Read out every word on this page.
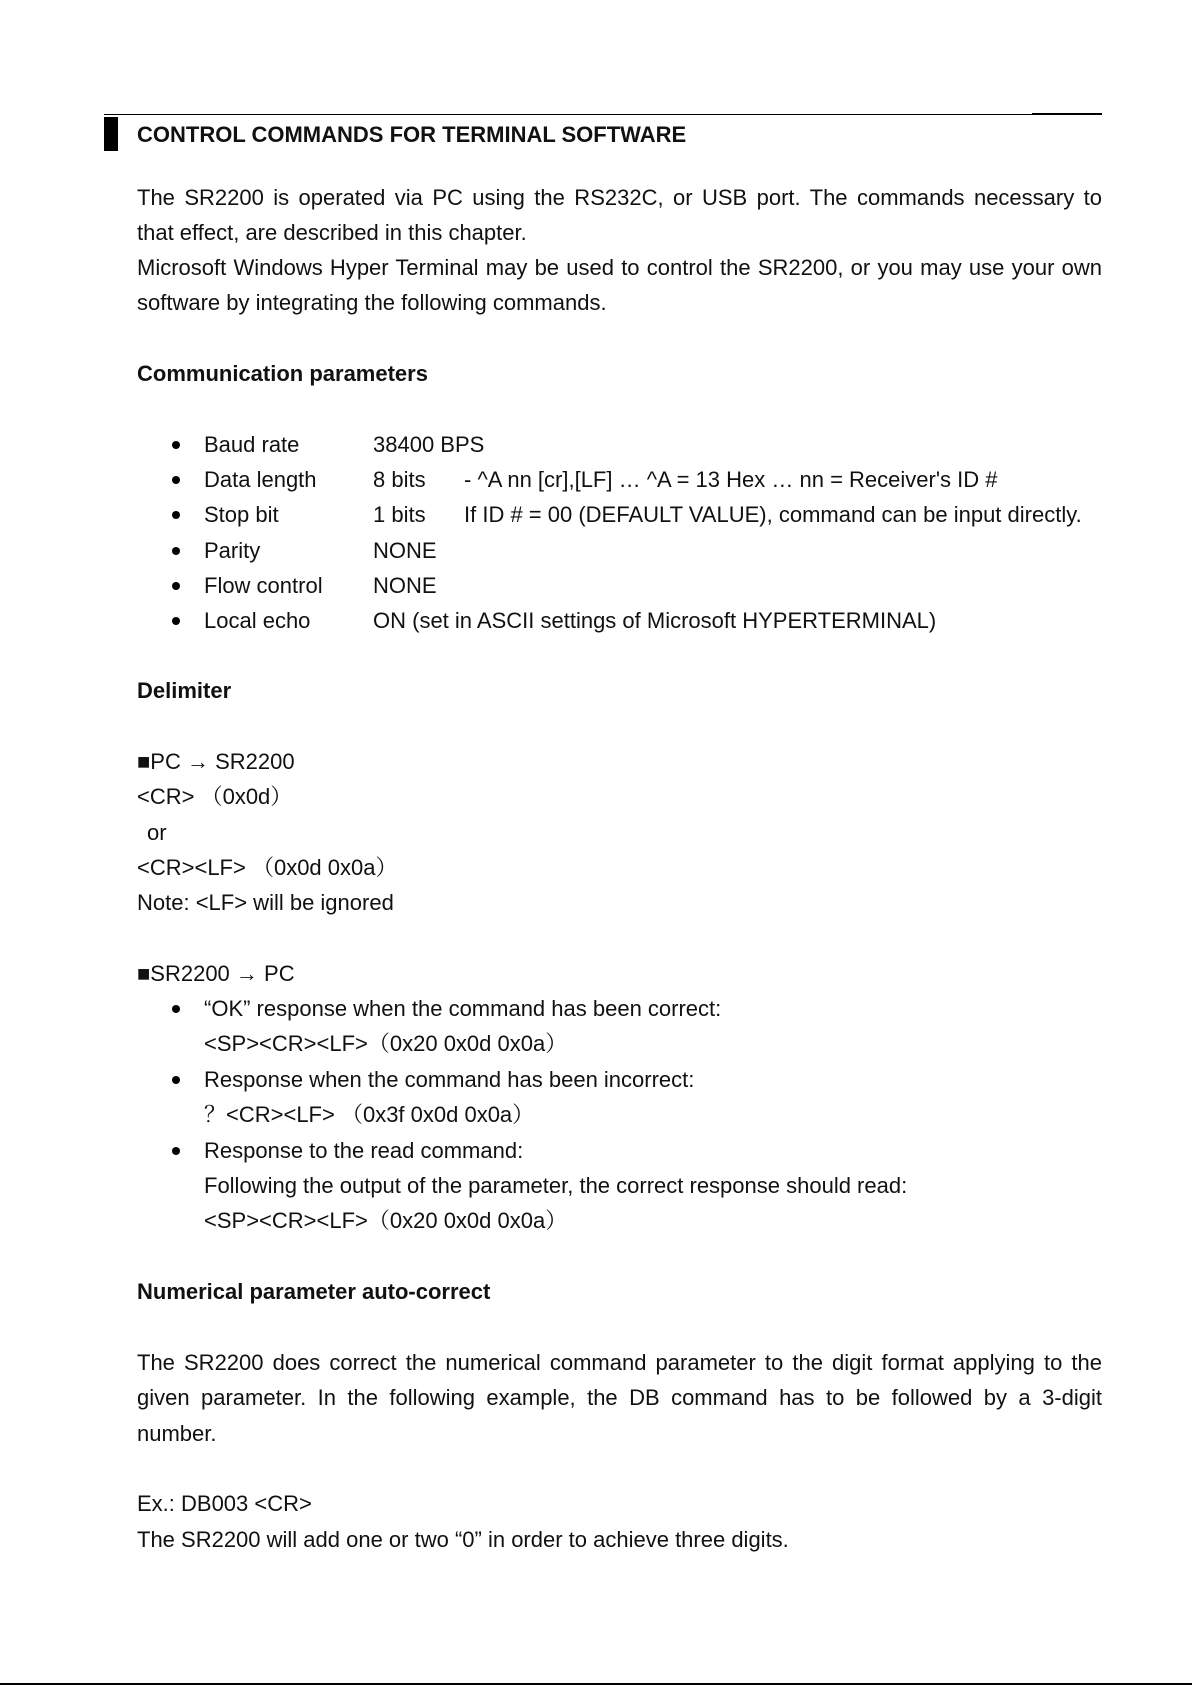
CONTROL COMMANDS FOR TERMINAL SOFTWARE
The SR2200 is operated via PC using the RS232C, or USB port. The commands necessary to
that effect, are described in this chapter.
Microsoft Windows Hyper Terminal may be used to control the SR2200, or you may use your own
software by integrating the following commands.
Communication parameters
Baud rate	38400 BPS
Data length	8 bits - ^A nn [cr],[LF] … ^A = 13 Hex … nn = Receiver's ID #
Stop bit	1 bits If ID # = 00 (DEFAULT VALUE), command can be input directly.
Parity	NONE
Flow control NONE
Local echo	ON (set in ASCII settings of Microsoft HYPERTERMINAL)
Delimiter
■PC → SR2200
<CR> （0x0d）
or
<CR><LF> （0x0d 0x0a）
Note: <LF> will be ignored
■SR2200 → PC
“OK” response when the command has been correct:
<SP><CR><LF>（0x20 0x0d 0x0a）
Response when the command has been incorrect:
？<CR><LF> （0x3f 0x0d 0x0a）
Response to the read command:
Following the output of the parameter, the correct response should read:
<SP><CR><LF>（0x20 0x0d 0x0a）
Numerical parameter auto-correct
The SR2200 does correct the numerical command parameter to the digit format applying to the
given parameter. In the following example, the DB command has to be followed by a 3-digit
number.
Ex.: DB003 <CR>
The SR2200 will add one or two “0” in order to achieve three digits.
